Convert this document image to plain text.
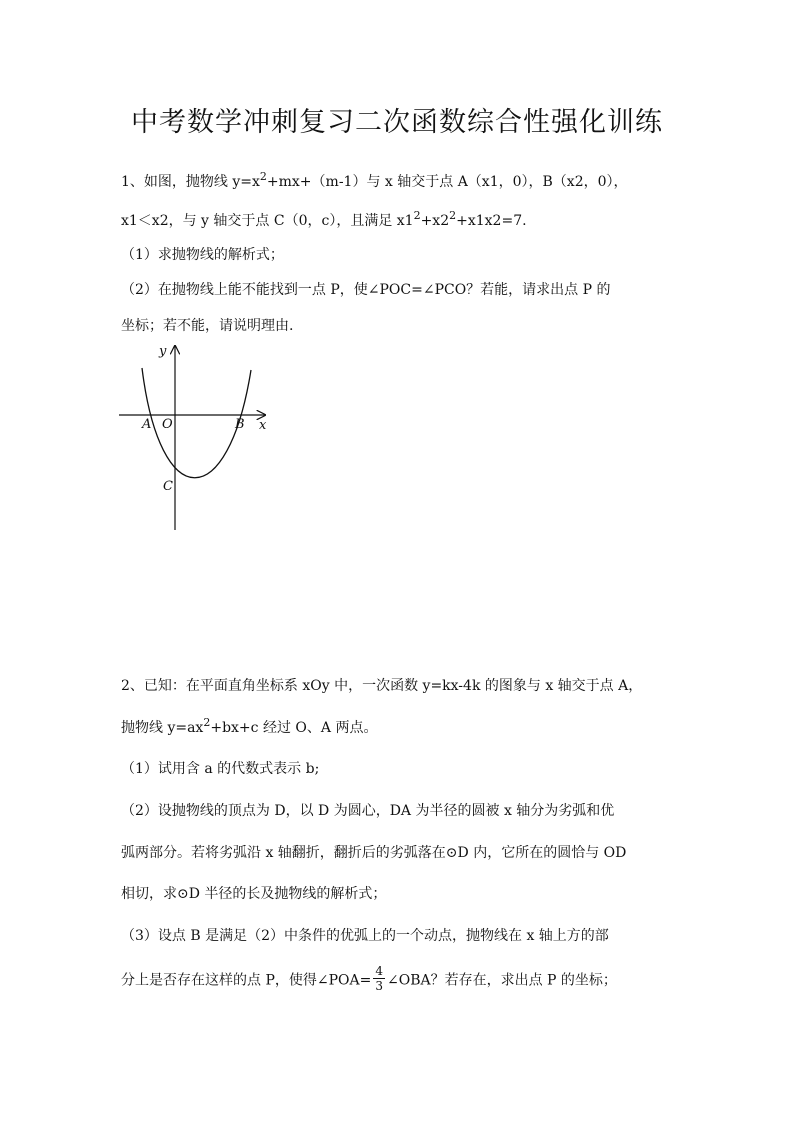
中考数学冲刺复习二次函数综合性强化训练
1、如图，抛物线 $y=x^2+mx+(m-1)$与 x 轴交于点 A（x1，0），B（x2，0），
x1＜x2，与 y 轴交于点 C（0，c），且满足 $x1^2+x2^2+x1x2=7$.
（1）求抛物线的解析式；
（2）在抛物线上能不能找到一点 P，使∠POC=∠PCO？若能，请求出点 P 的
坐标；若不能，请说明理由.
y
x
A O	B
C
2、已知：在平面直角坐标系 xOy 中，一次函数 y=kx-4k 的图象与 x 轴交于点 A，
抛物线 $y=ax^2+bx+c$ 经过 O、A 两点。
（1）试用含 a 的代数式表示 b;
（2）设抛物线的顶点为 D，以 D 为圆心，DA 为半径的圆被 x 轴分为劣弧和优
弧两部分。若将劣弧沿 x 轴翻折，翻折后的劣弧落在⊙D 内，它所在的圆恰与 OD
相切，求⊙D 半径的长及抛物线的解析式；
（3）设点 B 是满足（2）中条件的优弧上的一个动点，抛物线在 x 轴上方的部
分上是否存在这样的点 P，使得∠POA= $\frac{4}{3}$ ∠OBA？若存在，求出点 P 的坐标；
